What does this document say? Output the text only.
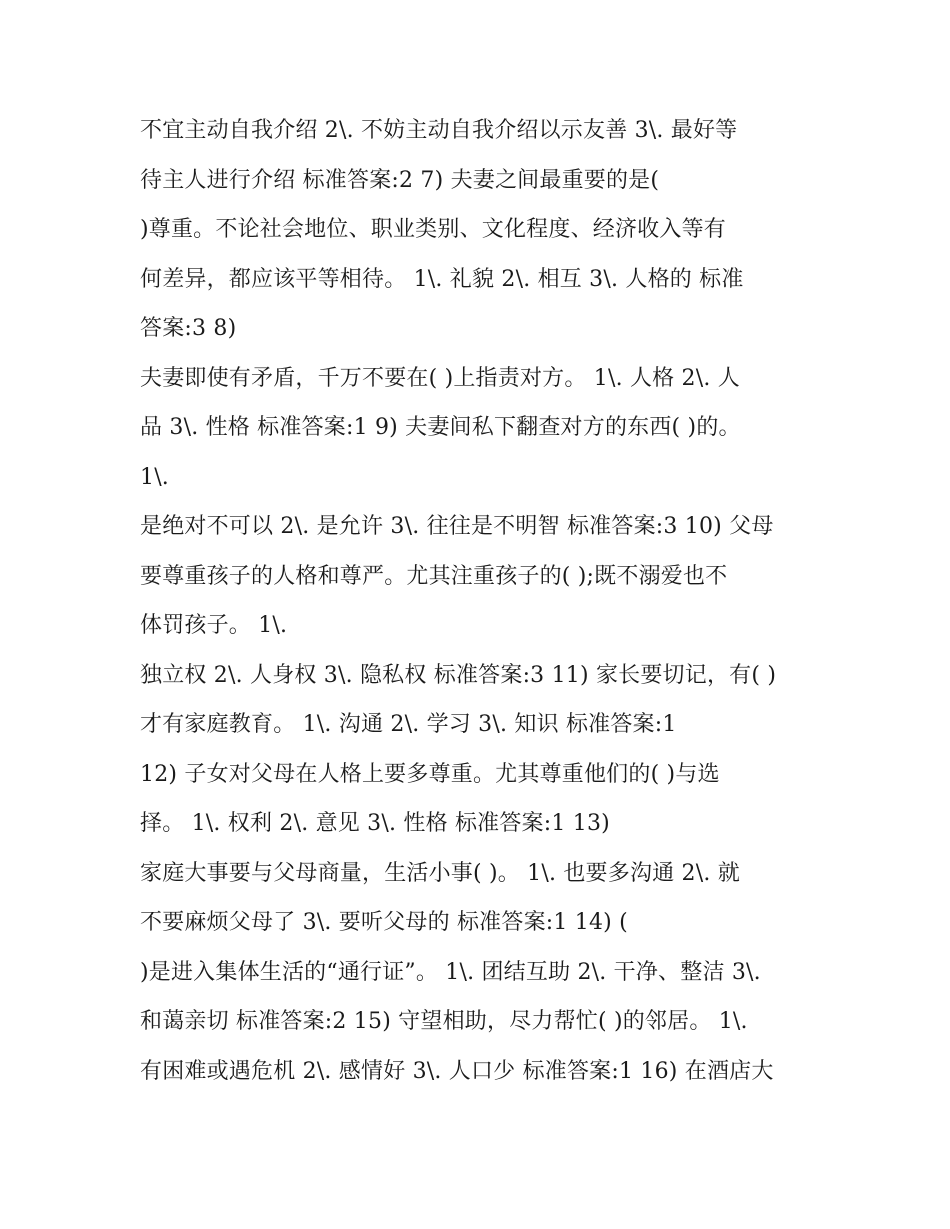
不宜主动自我介绍 2\. 不妨主动自我介绍以示友善 3\. 最好等
待主人进行介绍 标准答案:2 7) 夫妻之间最重要的是(
)尊重。不论社会地位、职业类别、文化程度、经济收入等有
何差异，都应该平等相待。 1\. 礼貌 2\. 相互 3\. 人格的 标准
答案:3 8)
夫妻即使有矛盾，千万不要在( )上指责对方。 1\. 人格 2\. 人
品 3\. 性格 标准答案:1 9) 夫妻间私下翻查对方的东西( )的。
1\.
是绝对不可以 2\. 是允许 3\. 往往是不明智 标准答案:3 10) 父母
要尊重孩子的人格和尊严。尤其注重孩子的( );既不溺爱也不
体罚孩子。 1\.
独立权 2\. 人身权 3\. 隐私权 标准答案:3 11) 家长要切记，有( )
才有家庭教育。 1\. 沟通 2\. 学习 3\. 知识 标准答案:1
12) 子女对父母在人格上要多尊重。尤其尊重他们的( )与选
择。 1\. 权利 2\. 意见 3\. 性格 标准答案:1 13)
家庭大事要与父母商量，生活小事( )。 1\. 也要多沟通 2\. 就
不要麻烦父母了 3\. 要听父母的 标准答案:1 14) (
)是进入集体生活的“通行证”。 1\. 团结互助 2\. 干净、整洁 3\.
和蔼亲切 标准答案:2 15) 守望相助，尽力帮忙( )的邻居。 1\.
有困难或遇危机 2\. 感情好 3\. 人口少 标准答案:1 16) 在酒店大
